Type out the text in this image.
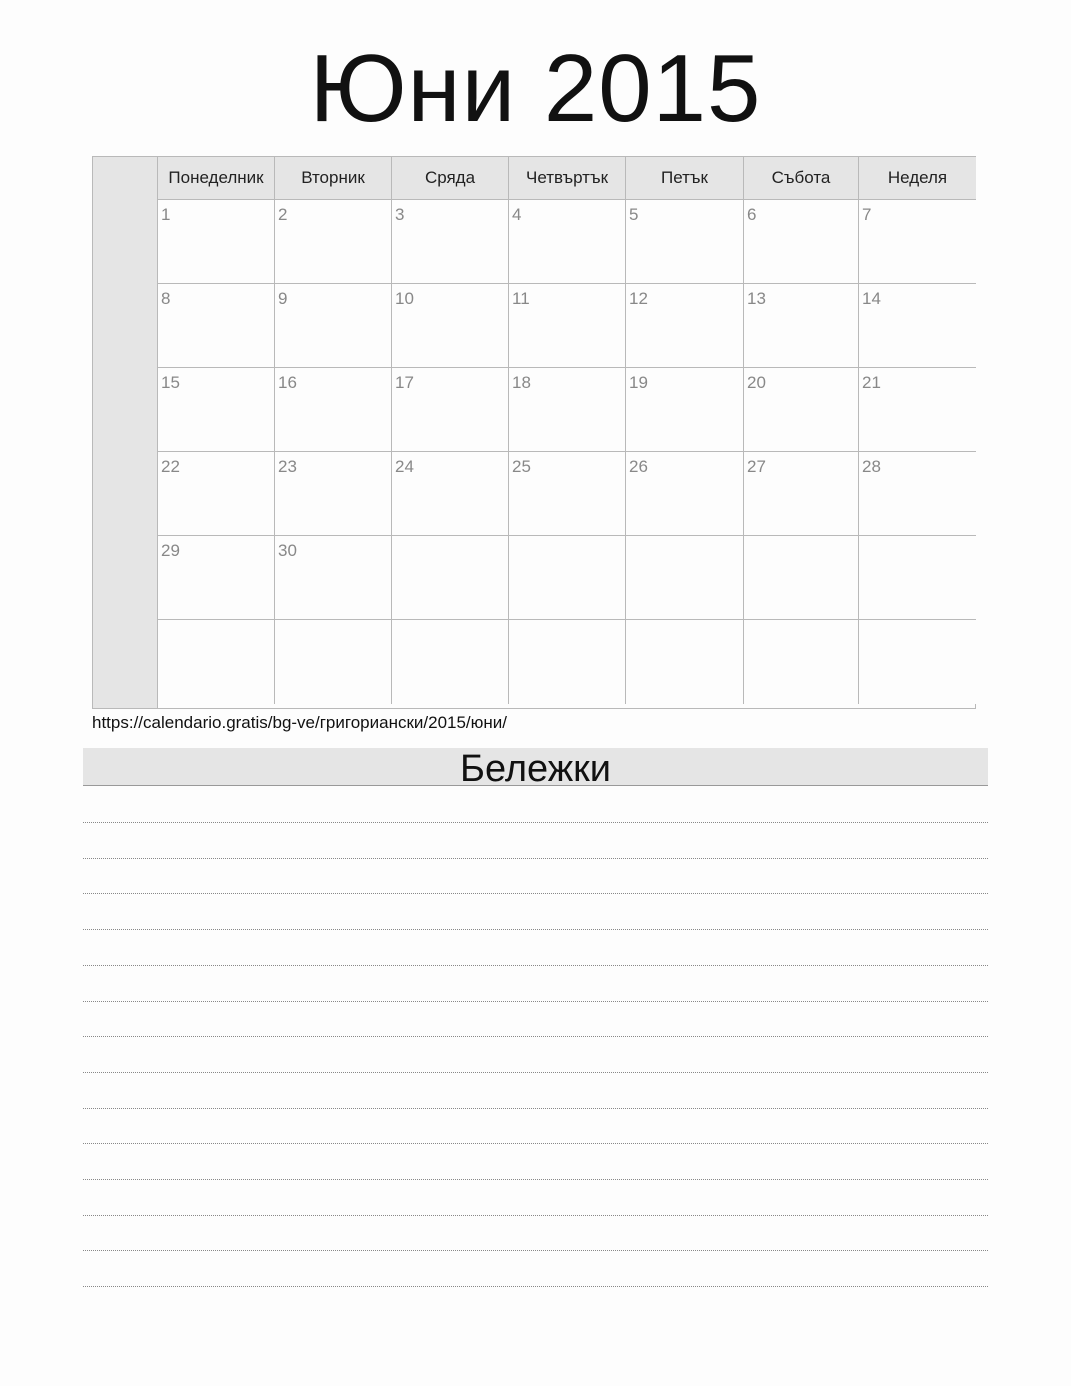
Юни 2015
Понеделник	Вторник	Сряда	Четвъртък	Петък	Събота	Неделя
1	2	3	4	5	6	7
8	9	10	11	12	13	14
15	16	17	18	19	20	21
22	23	24	25	26	27	28
29	30
https://calendario.gratis/bg-ve/григориански/2015/юни/
Бележки
